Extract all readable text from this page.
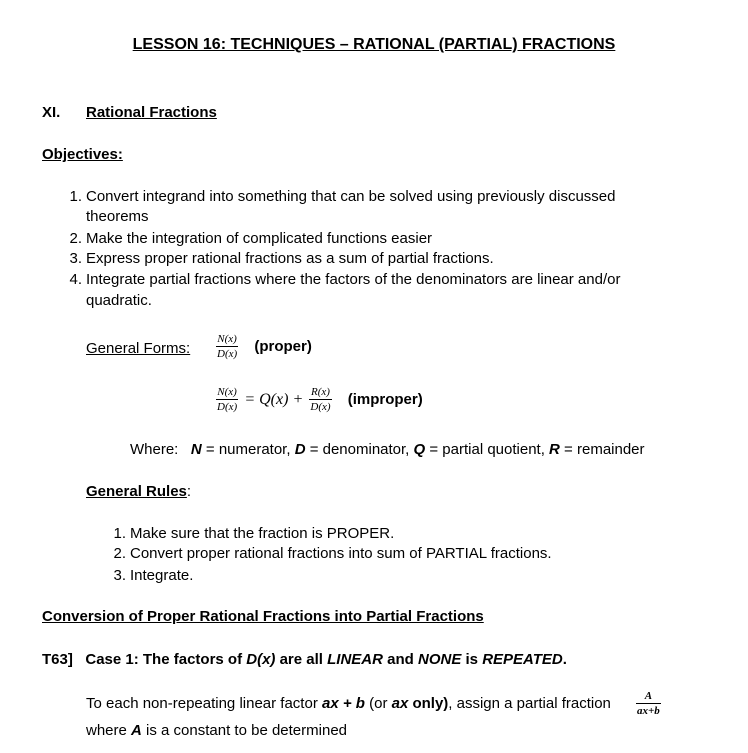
LESSON 16: TECHNIQUES – RATIONAL (PARTIAL) FRACTIONS
XI. Rational Fractions
Objectives:
1. Convert integrand into something that can be solved using previously discussed
theorems
2. Make the integration of complicated functions easier
3. Express proper rational fractions as a sum of partial fractions.
4. Integrate partial fractions where the factors of the denominators are linear and/or
quadratic.
General Forms: $\frac{N(x)}{D(x)}$ (proper)
$\frac{N(x)}{D(x)} = Q(x) + \frac{R(x)}{D(x)}$ (improper)
Where: N = numerator, D = denominator, Q = partial quotient, R = remainder
General Rules:
1. Make sure that the fraction is PROPER.
2. Convert proper rational fractions into sum of PARTIAL fractions.
3. Integrate.
Conversion of Proper Rational Fractions into Partial Fractions
T63] Case 1: The factors of D(x) are all LINEAR and NONE is REPEATED.
To each non-repeating linear factor ax + b (or ax only), assign a partial fraction $\frac{A}{ax+b}$
where A is a constant to be determined
